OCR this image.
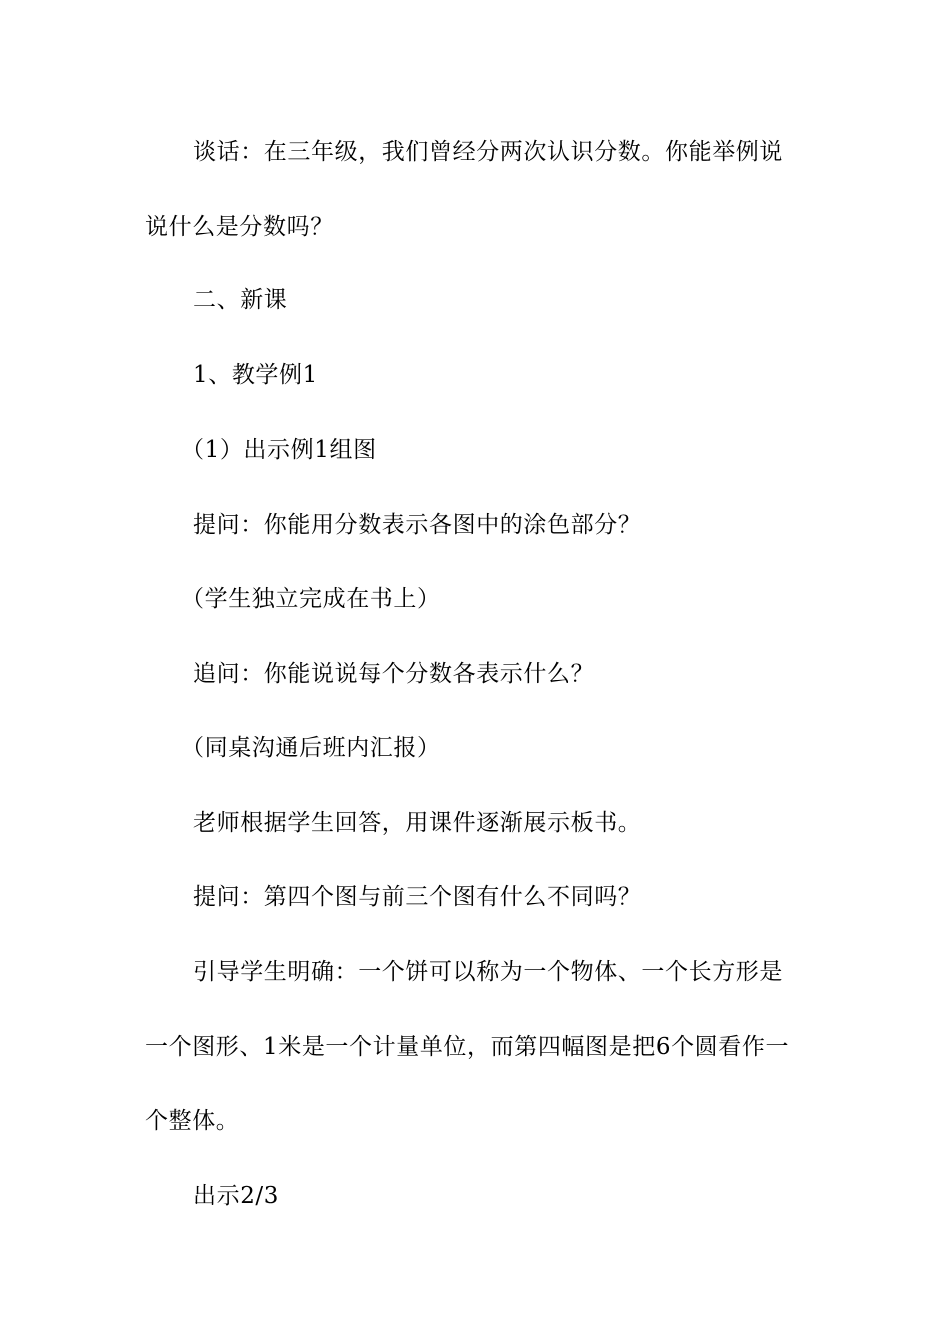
谈话：在三年级，我们曾经分两次认识分数。你能举例说
说什么是分数吗？
二、新课
1、教学例1
（1）出示例1组图
提问：你能用分数表示各图中的涂色部分？
（学生独立完成在书上）
追问：你能说说每个分数各表示什么？
（同桌沟通后班内汇报）
老师根据学生回答，用课件逐渐展示板书。
提问：第四个图与前三个图有什么不同吗？
引导学生明确：一个饼可以称为一个物体、一个长方形是
一个图形、1米是一个计量单位，而第四幅图是把6个圆看作一
个整体。
出示2/3
